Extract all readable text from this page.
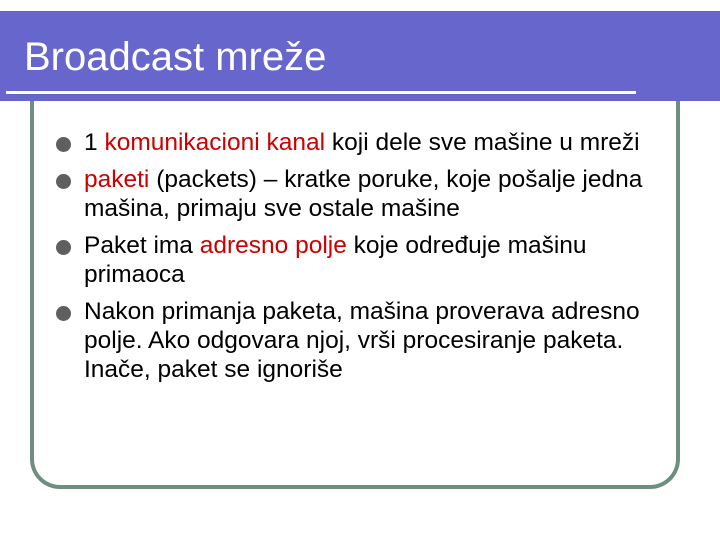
Broadcast mreže
1 komunikacioni kanal koji dele sve mašine u mreži
paketi (packets) – kratke poruke, koje pošalje jedna mašina, primaju sve ostale mašine
Paket ima adresno polje koje određuje mašinu primaoca
Nakon primanja paketa, mašina proverava adresno polje. Ako odgovara njoj, vrši procesiranje paketa. Inače, paket se ignoriše
